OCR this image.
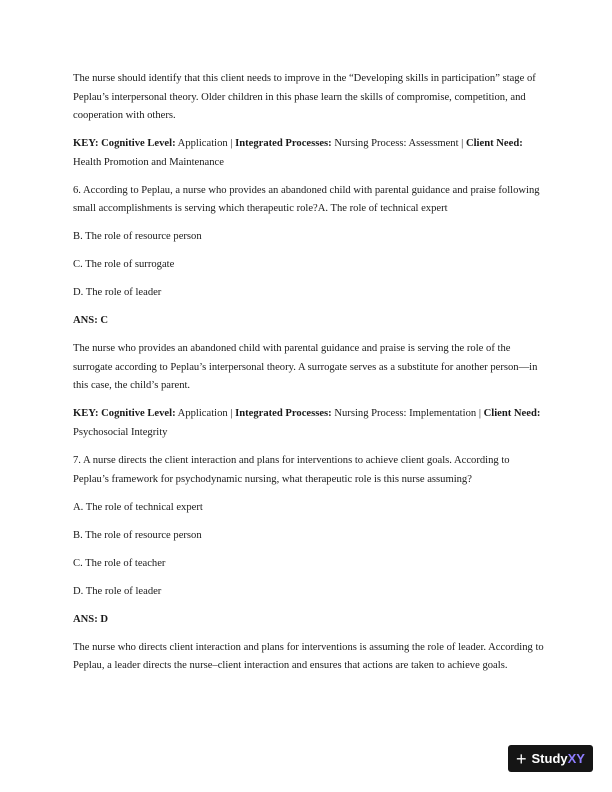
The nurse should identify that this client needs to improve in the “Developing skills in participation” stage of Peplau’s interpersonal theory. Older children in this phase learn the skills of compromise, competition, and cooperation with others.

KEY: Cognitive Level: Application | Integrated Processes: Nursing Process: Assessment | Client Need: Health Promotion and Maintenance

6. According to Peplau, a nurse who provides an abandoned child with parental guidance and praise following small accomplishments is serving which therapeutic role?A. The role of technical expert

B. The role of resource person

C. The role of surrogate

D. The role of leader

ANS: C

The nurse who provides an abandoned child with parental guidance and praise is serving the role of the surrogate according to Peplau’s interpersonal theory. A surrogate serves as a substitute for another person—in this case, the child’s parent.

KEY: Cognitive Level: Application | Integrated Processes: Nursing Process: Implementation | Client Need: Psychosocial Integrity

7. A nurse directs the client interaction and plans for interventions to achieve client goals. According to Peplau’s framework for psychodynamic nursing, what therapeutic role is this nurse assuming?

A. The role of technical expert

B. The role of resource person

C. The role of teacher

D. The role of leader

ANS: D

The nurse who directs client interaction and plans for interventions is assuming the role of leader. According to Peplau, a leader directs the nurse–client interaction and ensures that actions are taken to achieve goals.

+ Study XY
